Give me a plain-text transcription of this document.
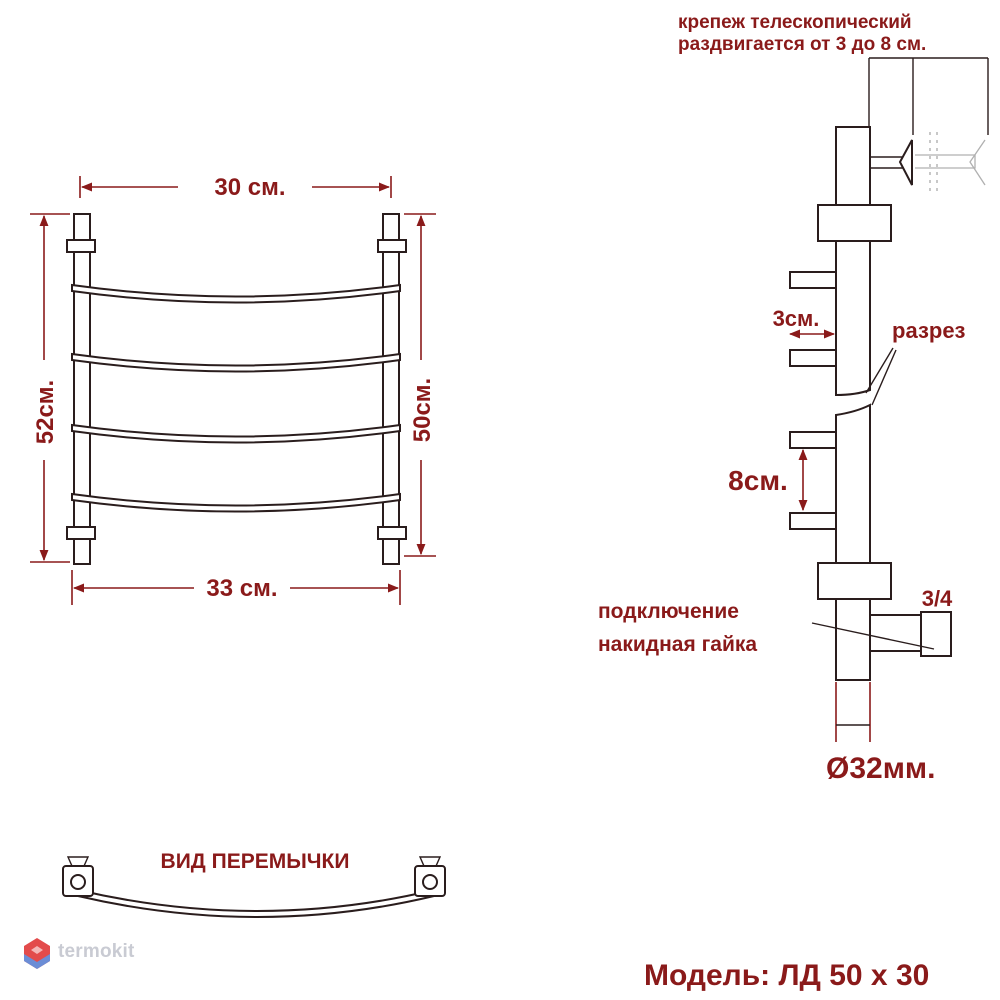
30 см.
33 см.
52см.	50см.
крепеж телескопический
раздвигается от 3 до 8 см.
3см.	разрез
8см.
3/4
подключение
накидная гайка
Ø32мм.
ВИД ПЕРЕМЫЧКИ
Модель: ЛД 50 х 30
termokit
